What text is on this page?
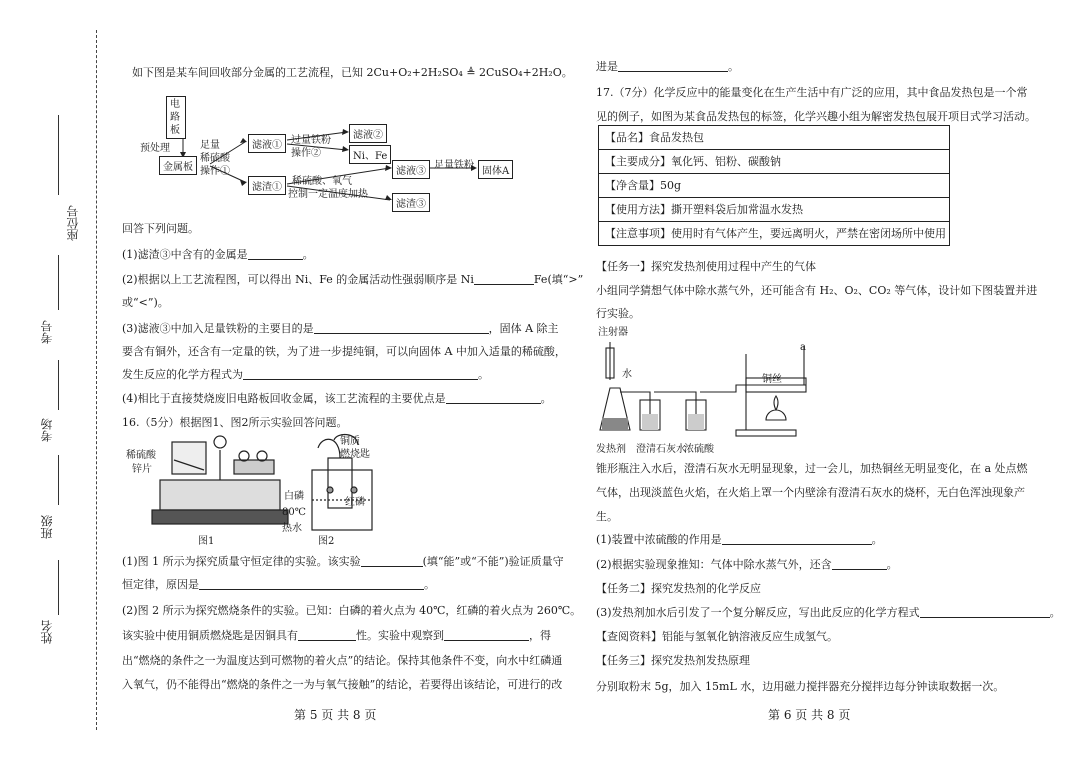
座位号
考号
考场
班级
姓名
如下图是某车间回收部分金属的工艺流程，已知 2Cu+O₂+2H₂SO₄ ≜ 2CuSO₄+2H₂O。
电路板
预处理
金属板
足量
稀硫酸
操作①
滤液① 过量铁粉
操作②
滤液②
Ni、Fe
滤渣①
稀硫酸、氧气
控制一定温度加热
滤液③
足量铁粉
固体A
滤渣③
回答下列问题。
(1)滤渣③中含有的金属是	。
(2)根据以上工艺流程图，可以得出 Ni、Fe 的金属活动性强弱顺序是 Ni	Fe(填“>”
或“<”)。
(3)滤液③中加入足量铁粉的主要目的是	，固体 A 除主
要含有铜外，还含有一定量的铁，为了进一步提纯铜，可以向固体 A 中加入适量的稀硫酸，
发生反应的化学方程式为	。
(4)相比于直接焚烧废旧电路板回收金属，该工艺流程的主要优点是	。
16.（5分）根据图1、图2所示实验回答问题。
稀硫酸
锌片
铜质
燃烧匙
白磷
红磷
80℃
热水
图1	图2
(1)图 1 所示为探究质量守恒定律的实验。该实验	(填“能”或“不能”)验证质量守
恒定律，原因是	。
(2)图 2 所示为探究燃烧条件的实验。已知：白磷的着火点为 40℃，红磷的着火点为 260℃。
该实验中使用铜质燃烧匙是因铜具有	性。实验中观察到	，得
出“燃烧的条件之一为温度达到可燃物的着火点”的结论。保持其他条件不变，向水中红磷通
入氧气，仍不能得出“燃烧的条件之一为与氧气接触”的结论，若要得出该结论，可进行的改
第 5 页 共 8 页
进是	。
17.（7分）化学反应中的能量变化在生产生活中有广泛的应用，其中食品发热包是一个常
见的例子，如图为某食品发热包的标签，化学兴趣小组为解密发热包展开项目式学习活动。
【品名】食品发热包
【主要成分】氧化钙、铝粉、碳酸钠
【净含量】50g
【使用方法】撕开塑料袋后加常温水发热
【注意事项】使用时有气体产生，要远离明火，严禁在密闭场所中使用
【任务一】探究发热剂使用过程中产生的气体
小组同学猜想气体中除水蒸气外，还可能含有 H₂、O₂、CO₂ 等气体，设计如下图装置并进
行实验。
注射器
水	铜丝
a
发热剂 澄清石灰水
浓硫酸
锥形瓶注入水后，澄清石灰水无明显现象，过一会儿，加热铜丝无明显变化，在 a 处点燃
气体，出现淡蓝色火焰，在火焰上罩一个内壁涂有澄清石灰水的烧杯，无白色浑浊现象产
生。
(1)装置中浓硫酸的作用是	。
(2)根据实验现象推知：气体中除水蒸气外，还含	。
【任务二】探究发热剂的化学反应
(3)发热剂加水后引发了一个复分解反应，写出此反应的化学方程式	。
【查阅资料】铝能与氢氧化钠溶液反应生成氢气。
【任务三】探究发热剂发热原理
分别取粉末 5g，加入 15mL 水，边用磁力搅拌器充分搅拌边每分钟读取数据一次。
第 6 页 共 8 页
